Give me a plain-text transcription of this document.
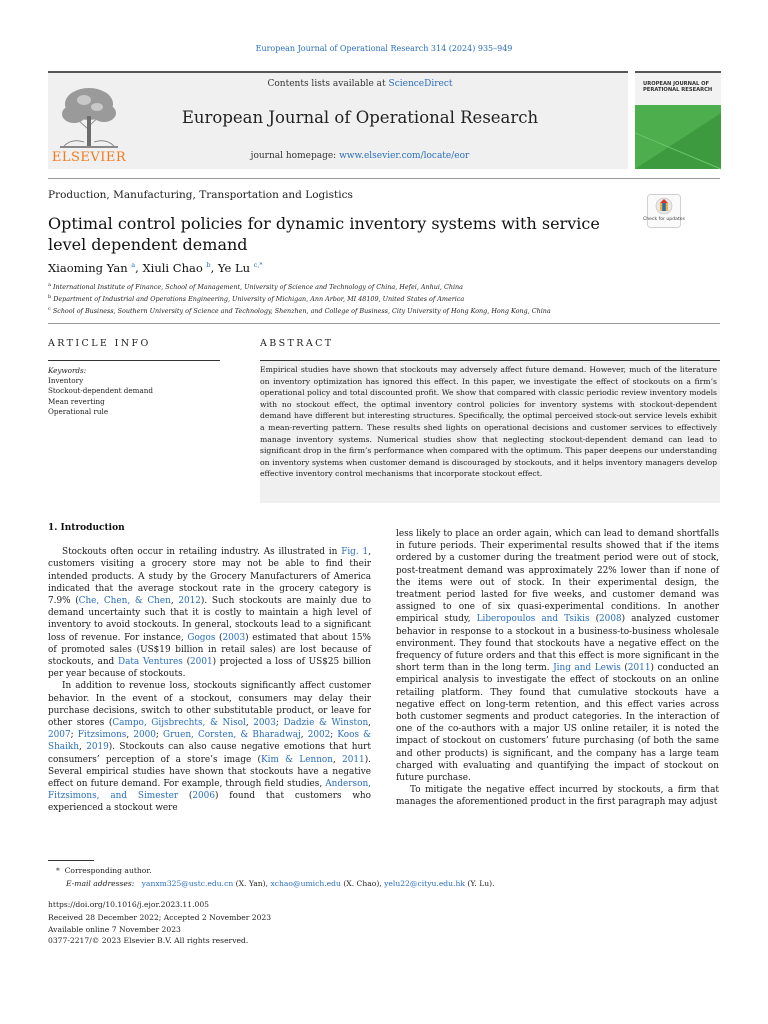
European Journal of Operational Research 314 (2024) 935–949
ELSEVIER
Contents lists available at ScienceDirect
European Journal of Operational Research
journal homepage: www.elsevier.com/locate/eor
UROPEAN JOURNAL OF PERATIONAL RESEARCH
Production, Manufacturing, Transportation and Logistics
Optimal control policies for dynamic inventory systems with service level dependent demand
Check for updates
Xiaoming Yan $^a$, Xiuli Chao $^b$, Ye Lu $^{c,*}$
$^a$ International Institute of Finance, School of Management, University of Science and Technology of China, Hefei, Anhui, China
$^b$ Department of Industrial and Operations Engineering, University of Michigan, Ann Arbor, MI 48109, United States of America
$^c$ School of Business, Southern University of Science and Technology, Shenzhen, and College of Business, City University of Hong Kong, Hong Kong, China
ARTICLE INFO	ABSTRACT
Keywords:
Inventory
Stockout-dependent demand
Mean reverting
Operational rule
Empirical studies have shown that stockouts may adversely affect future demand. However, much of the literature on inventory optimization has ignored this effect. In this paper, we investigate the effect of stockouts on a firm’s operational policy and total discounted profit. We show that compared with classic periodic review inventory models with no stockout effect, the optimal inventory control policies for inventory systems with stockout-dependent demand have different but interesting structures. Specifically, the optimal perceived stock-out service levels exhibit a mean-reverting pattern. These results shed lights on operational decisions and customer services to effectively manage inventory systems. Numerical studies show that neglecting stockout-dependent demand can lead to significant drop in the firm’s performance when compared with the optimum. This paper deepens our understanding on inventory systems when customer demand is discouraged by stockouts, and it helps inventory managers develop effective inventory control mechanisms that incorporate stockout effect.
1. Introduction

Stockouts often occur in retailing industry. As illustrated in Fig. 1, customers visiting a grocery store may not be able to find their intended products. A study by the Grocery Manufacturers of America indicated that the average stockout rate in the grocery category is 7.9% (Che, Chen, & Chen, 2012). Such stockouts are mainly due to demand uncertainty such that it is costly to maintain a high level of inventory to avoid stockouts. In general, stockouts lead to a significant loss of revenue. For instance, Gogos (2003) estimated that about 15% of promoted sales (US$19 billion in retail sales) are lost because of stockouts, and Data Ventures (2001) projected a loss of US$25 billion per year because of stockouts.

In addition to revenue loss, stockouts significantly affect customer behavior. In the event of a stockout, consumers may delay their purchase decisions, switch to other substitutable product, or leave for other stores (Campo, Gijsbrechts, & Nisol, 2003; Dadzie & Winston, 2007; Fitzsimons, 2000; Gruen, Corsten, & Bharadwaj, 2002; Koos & Shaikh, 2019). Stockouts can also cause negative emotions that hurt consumers’ perception of a store’s image (Kim & Lennon, 2011). Several empirical studies have shown that stockouts have a negative effect on future demand. For example, through field studies, Anderson, Fitzsimons, and Simester (2006) found that customers who experienced a stockout were

less likely to place an order again, which can lead to demand shortfalls in future periods. Their experimental results showed that if the items ordered by a customer during the treatment period were out of stock, post-treatment demand was approximately 22% lower than if none of the items were out of stock. In their experimental design, the treatment period lasted for five weeks, and customer demand was assigned to one of six quasi-experimental conditions. In another empirical study, Liberopoulos and Tsikis (2008) analyzed customer behavior in response to a stockout in a business-to-business wholesale environment. They found that stockouts have a negative effect on the frequency of future orders and that this effect is more significant in the short term than in the long term. Jing and Lewis (2011) conducted an empirical analysis to investigate the effect of stockouts on an online retailing platform. They found that cumulative stockouts have a negative effect on long-term retention, and this effect varies across both customer segments and product categories. In the interaction of one of the co-authors with a major US online retailer, it is noted the impact of stockout on customers’ future purchasing (of both the same and other products) is significant, and the company has a large team charged with evaluating and quantifying the impact of stockout on future purchase.

To mitigate the negative effect incurred by stockouts, a firm that manages the aforementioned product in the first paragraph may adjust

* Corresponding author.
E-mail addresses: yanxm325@ustc.edu.cn (X. Yan), xchao@umich.edu (X. Chao), yelu22@cityu.edu.hk (Y. Lu).
https://doi.org/10.1016/j.ejor.2023.11.005
Received 28 December 2022; Accepted 2 November 2023
Available online 7 November 2023
0377-2217/© 2023 Elsevier B.V. All rights reserved.
